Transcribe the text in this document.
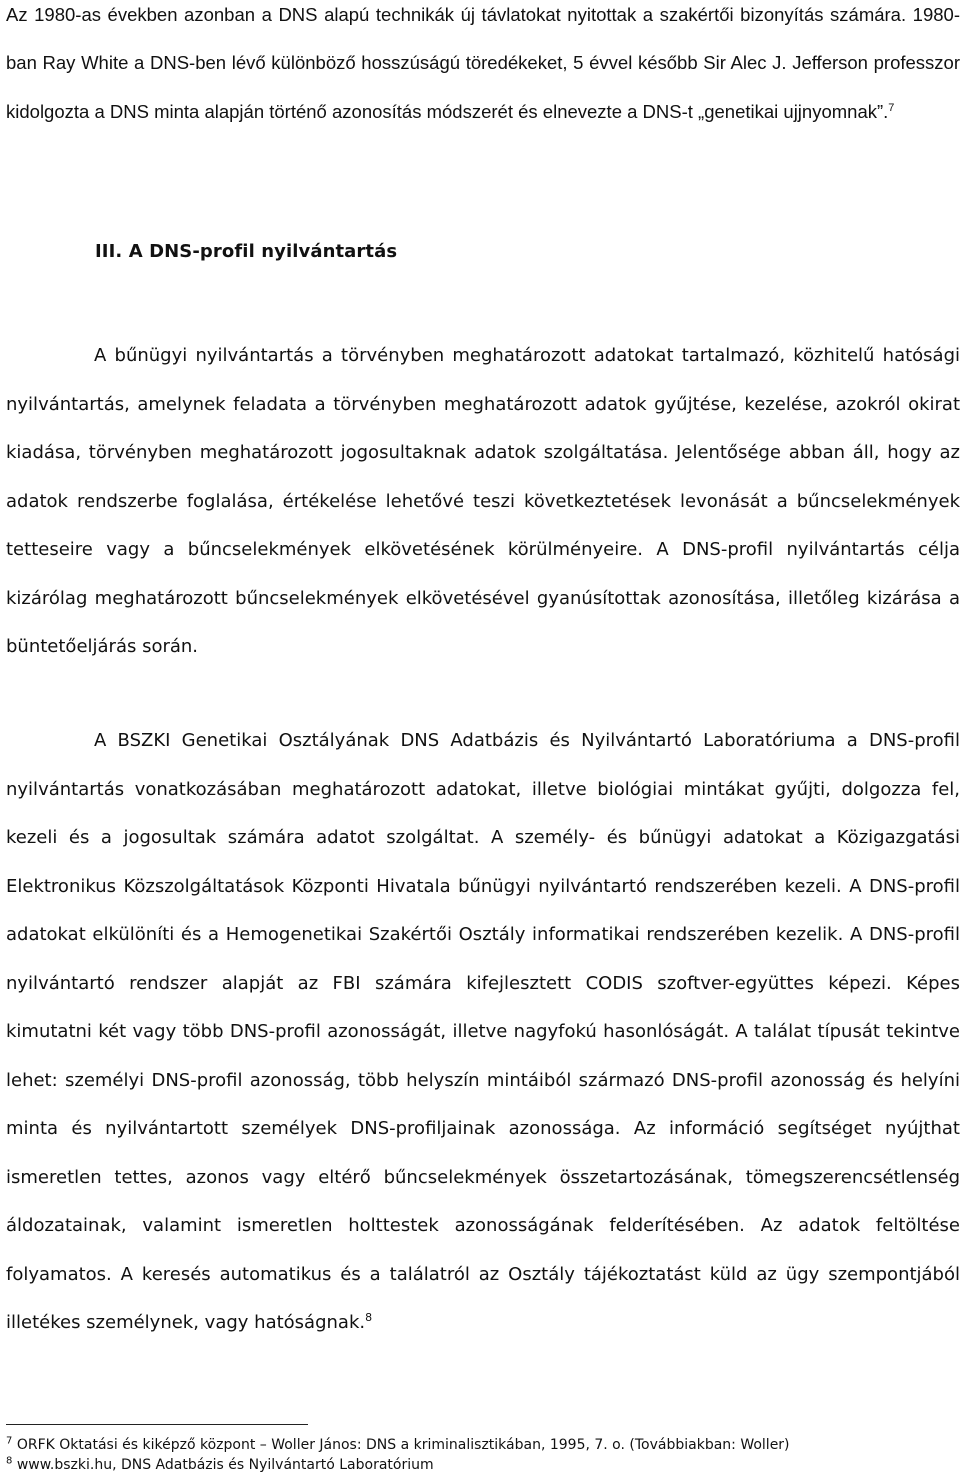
Az 1980-as években azonban a DNS alapú technikák új távlatokat nyitottak a szakértői bizonyítás számára. 1980-ban Ray White a DNS-ben lévő különböző hosszúságú töredékeket, 5 évvel később Sir Alec J. Jefferson professzor kidolgozta a DNS minta alapján történő azonosítás módszerét és elnevezte a DNS-t „genetikai ujjnyomnak”.$^7$

III. A DNS-profil nyilvántartás

A bűnügyi nyilvántartás a törvényben meghatározott adatokat tartalmazó, közhitelű hatósági nyilvántartás, amelynek feladata a törvényben meghatározott adatok gyűjtése, kezelése, azokról okirat kiadása, törvényben meghatározott jogosultaknak adatok szolgáltatása. Jelentősége abban áll, hogy az adatok rendszerbe foglalása, értékelése lehetővé teszi következtetések levonását a bűncselekmények tetteseire vagy a bűncselekmények elkövetésének körülményeire. A DNS-profil nyilvántartás célja kizárólag meghatározott bűncselekmények elkövetésével gyanúsítottak azonosítása, illetőleg kizárása a büntetőeljárás során.

A BSZKI Genetikai Osztályának DNS Adatbázis és Nyilvántartó Laboratóriuma a DNS-profil nyilvántartás vonatkozásában meghatározott adatokat, illetve biológiai mintákat gyűjti, dolgozza fel, kezeli és a jogosultak számára adatot szolgáltat. A személy- és bűnügyi adatokat a Közigazgatási Elektronikus Közszolgáltatások Központi Hivatala bűnügyi nyilvántartó rendszerében kezeli. A DNS-profil adatokat elkülöníti és a Hemogenetikai Szakértői Osztály informatikai rendszerében kezelik. A DNS-profil nyilvántartó rendszer alapját az FBI számára kifejlesztett CODIS szoftver-együttes képezi. Képes kimutatni két vagy több DNS-profil azonosságát, illetve nagyfokú hasonlóságát. A találat típusát tekintve lehet: személyi DNS-profil azonosság, több helyszín mintáiból származó DNS-profil azonosság és helyíni minta és nyilvántartott személyek DNS-profiljainak azonossága. Az információ segítséget nyújthat ismeretlen tettes, azonos vagy eltérő bűncselekmények összetartozásának, tömegszerencsétlenség áldozatainak, valamint ismeretlen holttestek azonosságának felderítésében. Az adatok feltöltése folyamatos. A keresés automatikus és a találatról az Osztály tájékoztatást küld az ügy szempontjából illetékes személynek, vagy hatóságnak.$^8$

$^7$ ORFK Oktatási és kiképző központ – Woller János: DNS a kriminalisztikában, 1995, 7. o. (Továbbiakban: Woller)

$^8$ www.bszki.hu, DNS Adatbázis és Nyilvántartó Laboratórium
